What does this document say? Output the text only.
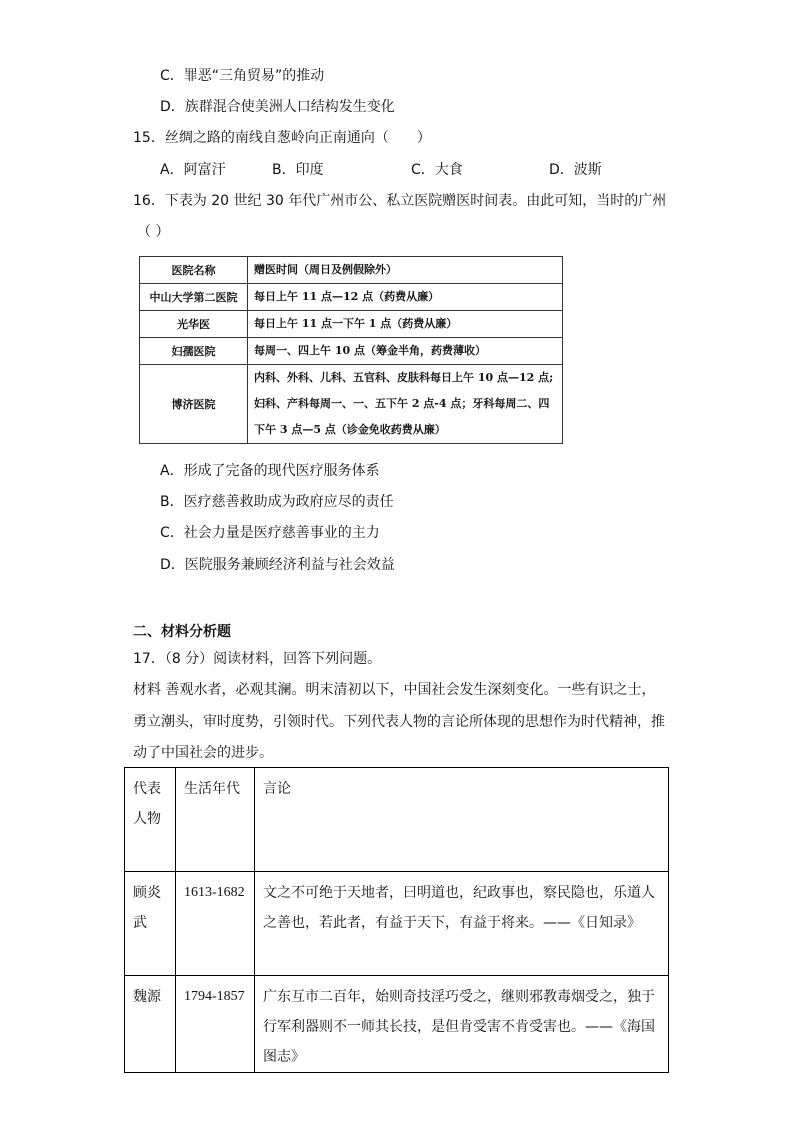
C．罪恶“三角贸易”的推动
D．族群混合使美洲人口结构发生变化
15．丝绸之路的南线自葱岭向正南通向（　　）
A．阿富汗	B．印度	C．大食	D．波斯
16．下表为 20 世纪 30 年代广州市公、私立医院赠医时间表。由此可知，当时的广州
（ ）
医院名称	赠医时间（周日及例假除外）
中山大学第二医院	每日上午 11 点—12 点（药费从廉）
光华医	每日上午 11 点一下午 1 点（药费从廉）
妇孺医院	每周一、四上午 10 点（筹金半角，药费薄收）
博济医院	内科、外科、儿科、五官科、皮肤科每日上午 10 点—12 点;
妇科、产科每周一、一、五下午 2 点-4 点；牙科每周二、四
下午 3 点—5 点（诊金免收药费从廉）
A．形成了完备的现代医疗服务体系
B．医疗慈善救助成为政府应尽的责任
C．社会力量是医疗慈善事业的主力
D．医院服务兼顾经济利益与社会效益
二、材料分析题
17．（8 分）阅读材料，回答下列问题。
材料 善观水者，必观其澜。明末清初以下，中国社会发生深刻变化。一些有识之士，
勇立潮头，审时度势，引领时代。下列代表人物的言论所体现的思想作为时代精神，推
动了中国社会的进步。
代表人物	生活年代	言论
顾炎武	1613-1682	文之不可绝于天地者，曰明道也，纪政事也，察民隐也，乐道人之善也，若此者，有益于天下，有益于将来。——《日知录》
魏源	1794-1857	广东互市二百年，始则奇技淫巧受之，继则邪教毒烟受之，独于行军利器则不一师其长技，是但肯受害不肯受害也。——《海国图志》
